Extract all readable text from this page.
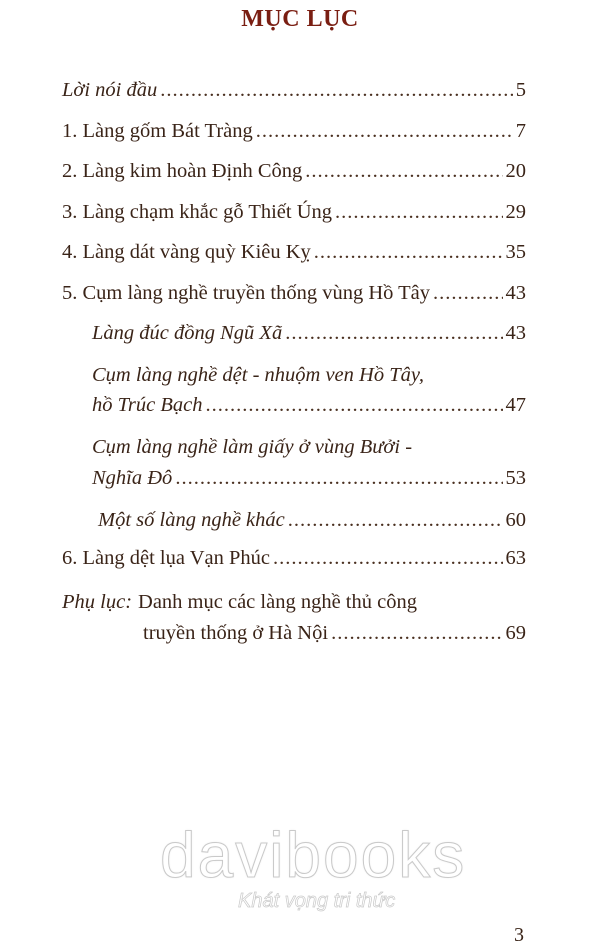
MỤC LỤC
Lời nói đầu .....	5
1. Làng gốm Bát Tràng .....	7
2. Làng kim hoàn Định Công .....	20
3. Làng chạm khắc gỗ Thiết Úng .....	29
4. Làng dát vàng quỳ Kiêu Kỵ .....	35
5. Cụm làng nghề truyền thống vùng Hồ Tây .....	43
Làng đúc đồng Ngũ Xã .....	43
Cụm làng nghề dệt - nhuộm ven Hồ Tây,
hồ Trúc Bạch .....	47
Cụm làng nghề làm giấy ở vùng Bưởi -
Nghĩa Đô .....	53
Một số làng nghề khác .....	60
6. Làng dệt lụa Vạn Phúc .....	63
Phụ lục: Danh mục các làng nghề thủ công
truyền thống ở Hà Nội .....	69
davibooks
Khát vọng tri thức
3
